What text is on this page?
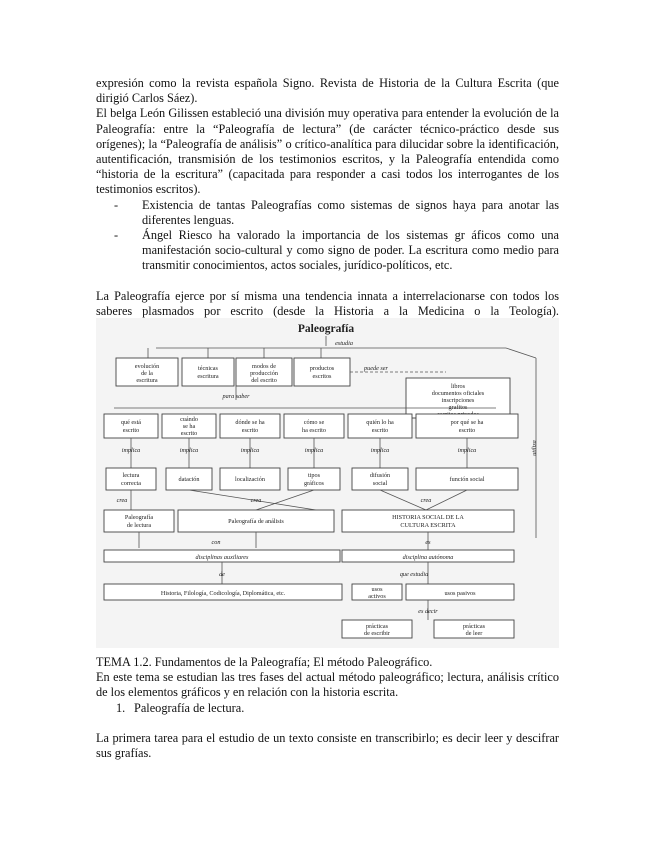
expresión como la revista española Signo. Revista de Historia de la Cultura Escrita (que dirigió Carlos Sáez).

El belga León Gilissen estableció una división muy operativa para entender la evolución de la Paleografía: entre la “Paleografía de lectura” (de carácter técnico-práctico desde sus orígenes); la “Paleografía de análisis” o crítico-analítica para dilucidar sobre la identificación, autentificación, transmisión de los testimonios escritos, y la Paleografía entendida como “historia de la escritura” (capacitada para responder a casi todos los interrogantes de los testimonios escritos).

-	Existencia de tantas Paleografías como sistemas de signos haya para anotar las diferentes lenguas.
-	Ángel Riesco ha valorado la importancia de los sistemas gr áficos como una manifestación socio-cultural y como signo de poder. La escritura como medio para transmitir conocimientos, actos sociales, jurídico-políticos, etc.

La Paleografía ejerce por sí misma una tendencia innata a interrelacionarse con todos los saberes plasmados por escrito (desde la Historia a la Medicina o la Teología).

Paleografía
estudia
evolución
de la
escritura
técnicas
escritura
modos de
producción
del escrito
productos
escritos
puede ser
libros
documentos oficiales
inscripciones
grafitos
para saber
utiliza
qué está
escrito
cuándo
se ha
escrito
dónde se ha
escrito
cómo se
ha escrito
quién lo ha
escrito
por qué se ha
escrito
implica	implica	implica	implica	implica	implica
lectura
correcta
datación	localización
tipos
gráficos
difusión
social
función social
crea	crea	crea
Paleografía
de lectura
Paleografía de análisis
HISTORIA SOCIAL DE LA
CULTURA ESCRITA
con	es
disciplinas auxiliares	disciplina autónoma
de	que estudia
Historia, Filología, Codicología, Diplomática, etc.
usos
activos	usos pasivos
es decir
prácticas
de escribir
prácticas
de leer

TEMA 1.2. Fundamentos de la Paleografía; El método Paleográfico.

En este tema se estudian las tres fases del actual método paleográfico; lectura, análisis crítico de los elementos gráficos y en relación con la historia escrita.

1. Paleografía de lectura.

La primera tarea para el estudio de un texto consiste en transcribirlo; es decir leer y descifrar sus grafías.
